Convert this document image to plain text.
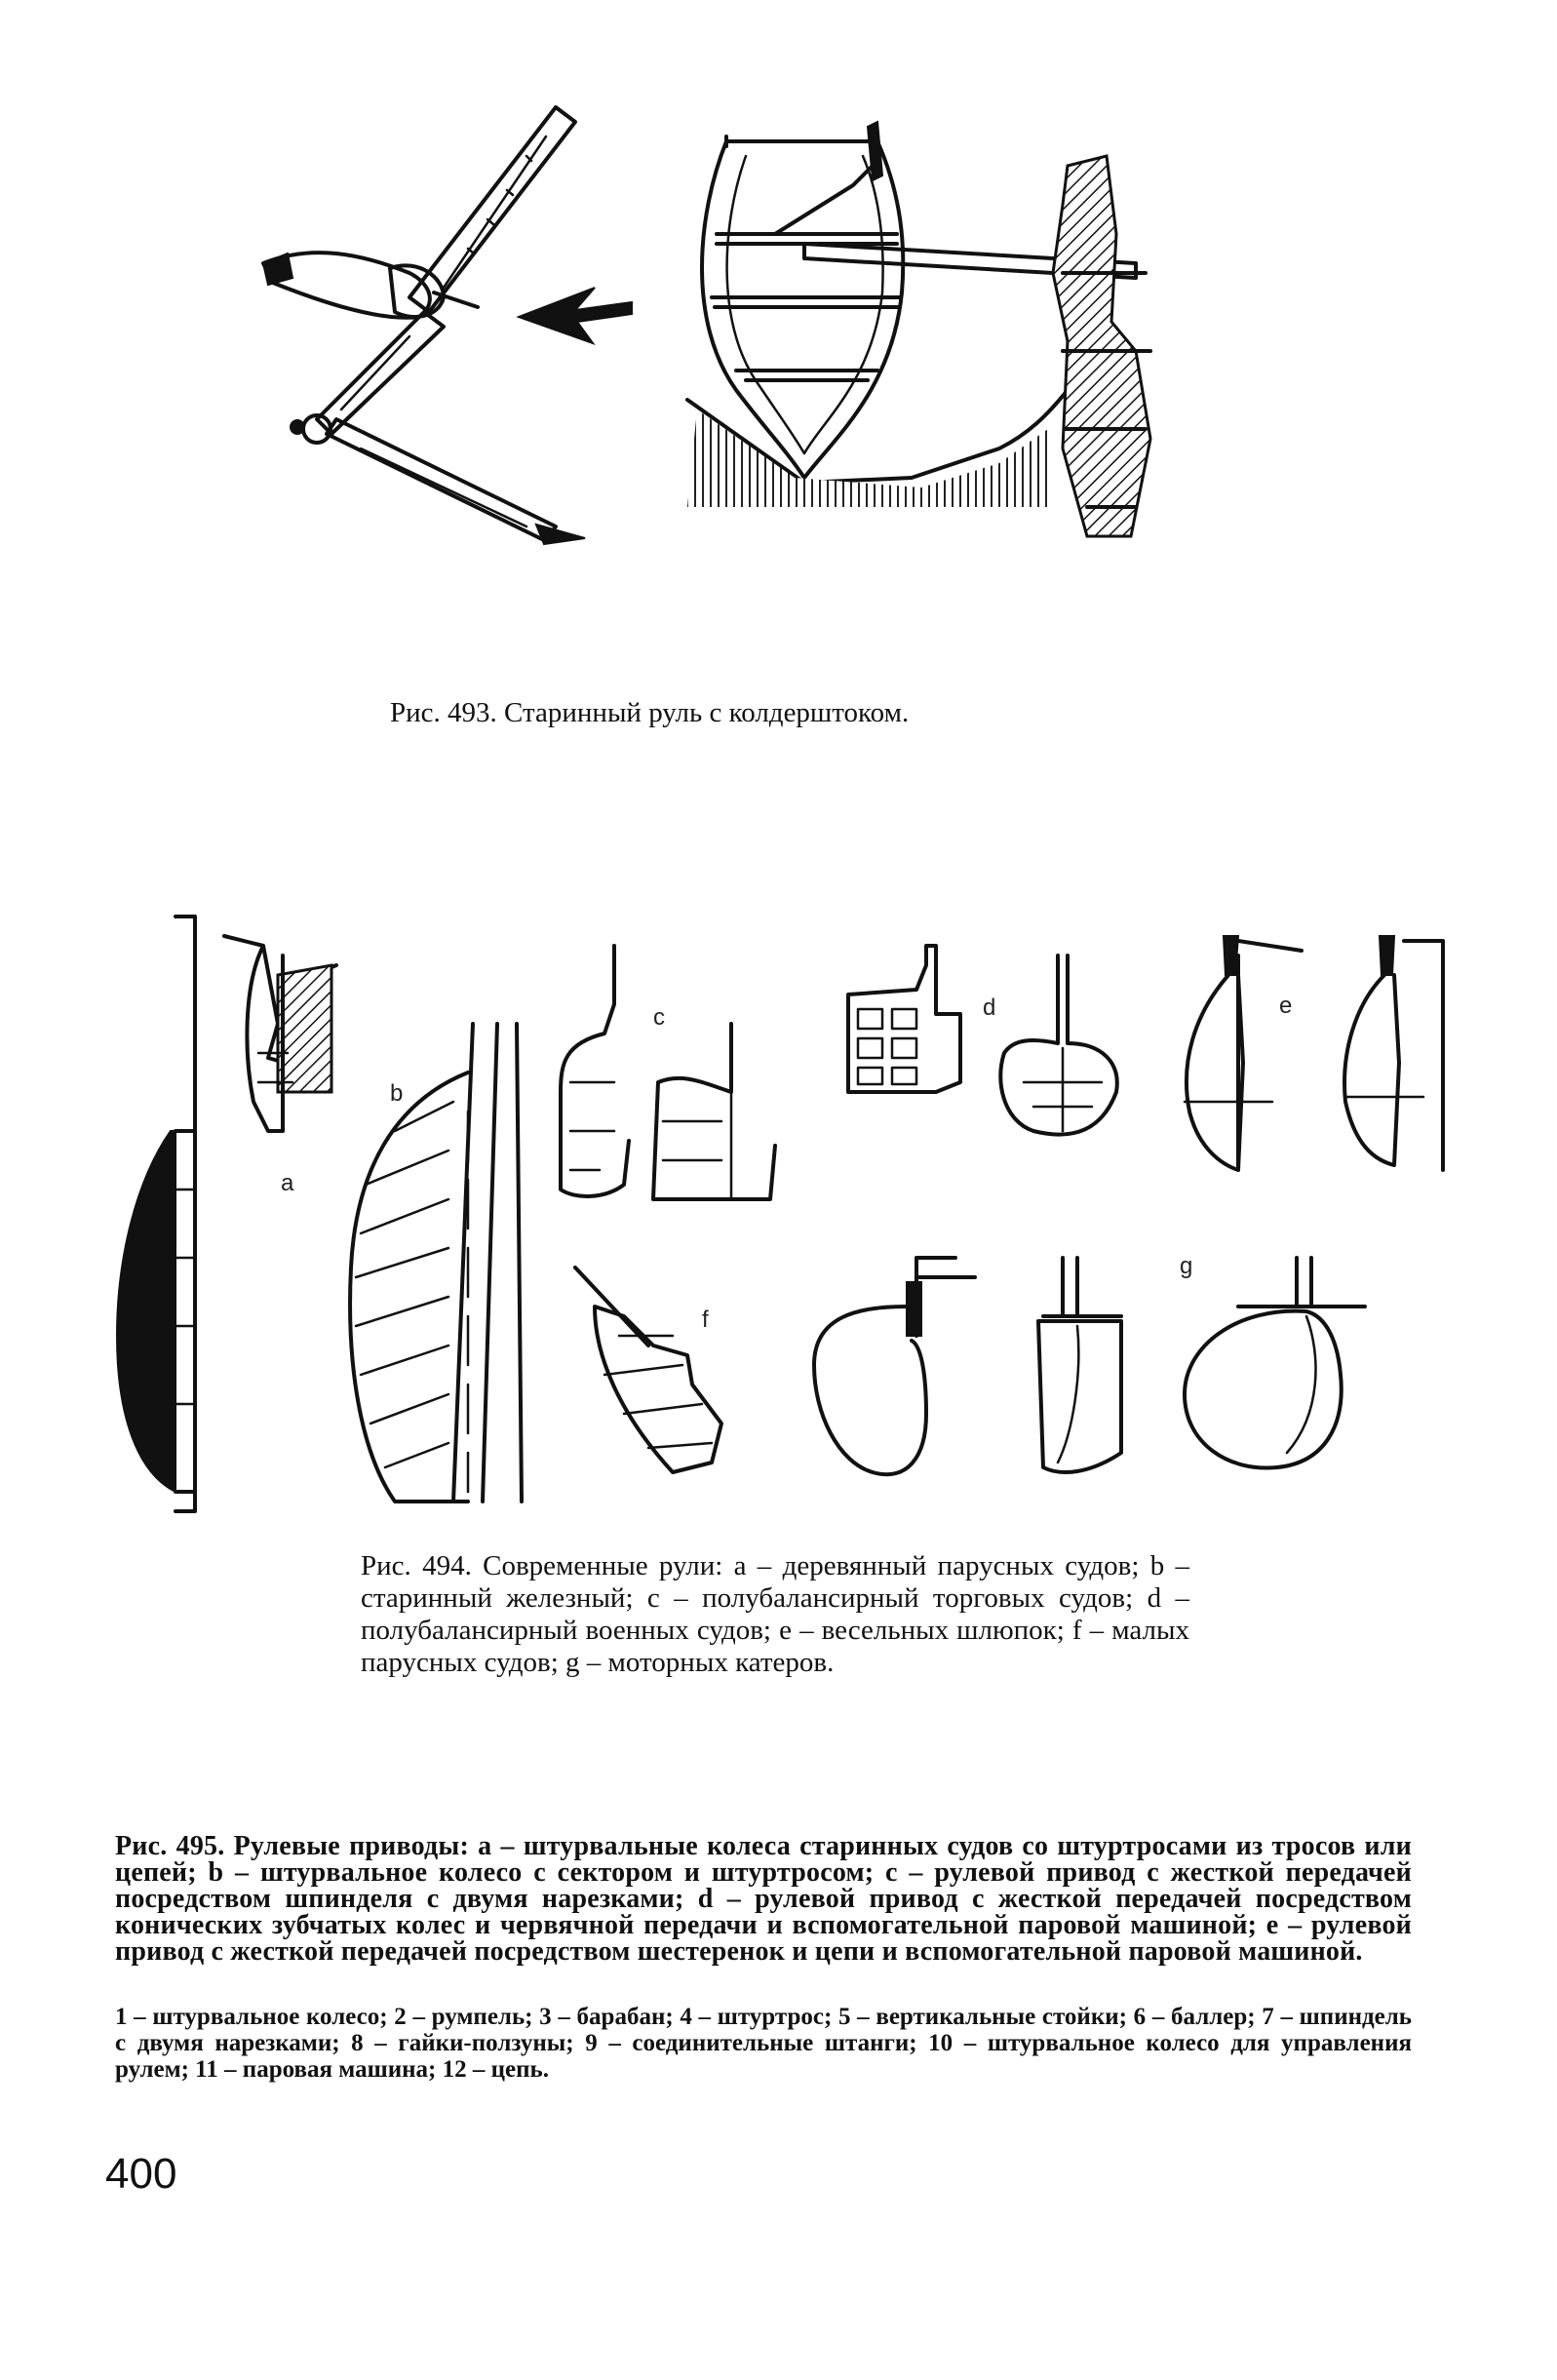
Рис. 493. Старинный руль с колдерштоком.
a
b
c	d	e
f
g
Рис. 494. Современные рули: a – деревянный парусных судов; b – старинный железный; c – полубалансирный торговых судов; d – полубалансирный военных судов; e – весельных шлюпок; f – малых парусных судов; g – моторных катеров.
Рис. 495. Рулевые приводы: a – штурвальные колеса старинных судов со штуртросами из тросов или цепей; b – штурвальное колесо с сектором и штуртросом; c – рулевой привод с жесткой передачей посредством шпинделя с двумя нарезками; d – рулевой привод с жесткой передачей посредством конических зубчатых колес и червячной передачи и вспомогательной паровой машиной; e – рулевой привод с жесткой передачей посредством шестеренок и цепи и вспомогательной паровой машиной.
1 – штурвальное колесо; 2 – румпель; 3 – барабан; 4 – штуртрос; 5 – вертикальные стойки; 6 – баллер; 7 – шпиндель с двумя нарезками; 8 – гайки-ползуны; 9 – соединительные штанги; 10 – штурвальное колесо для управления рулем; 11 – паровая машина; 12 – цепь.
400
